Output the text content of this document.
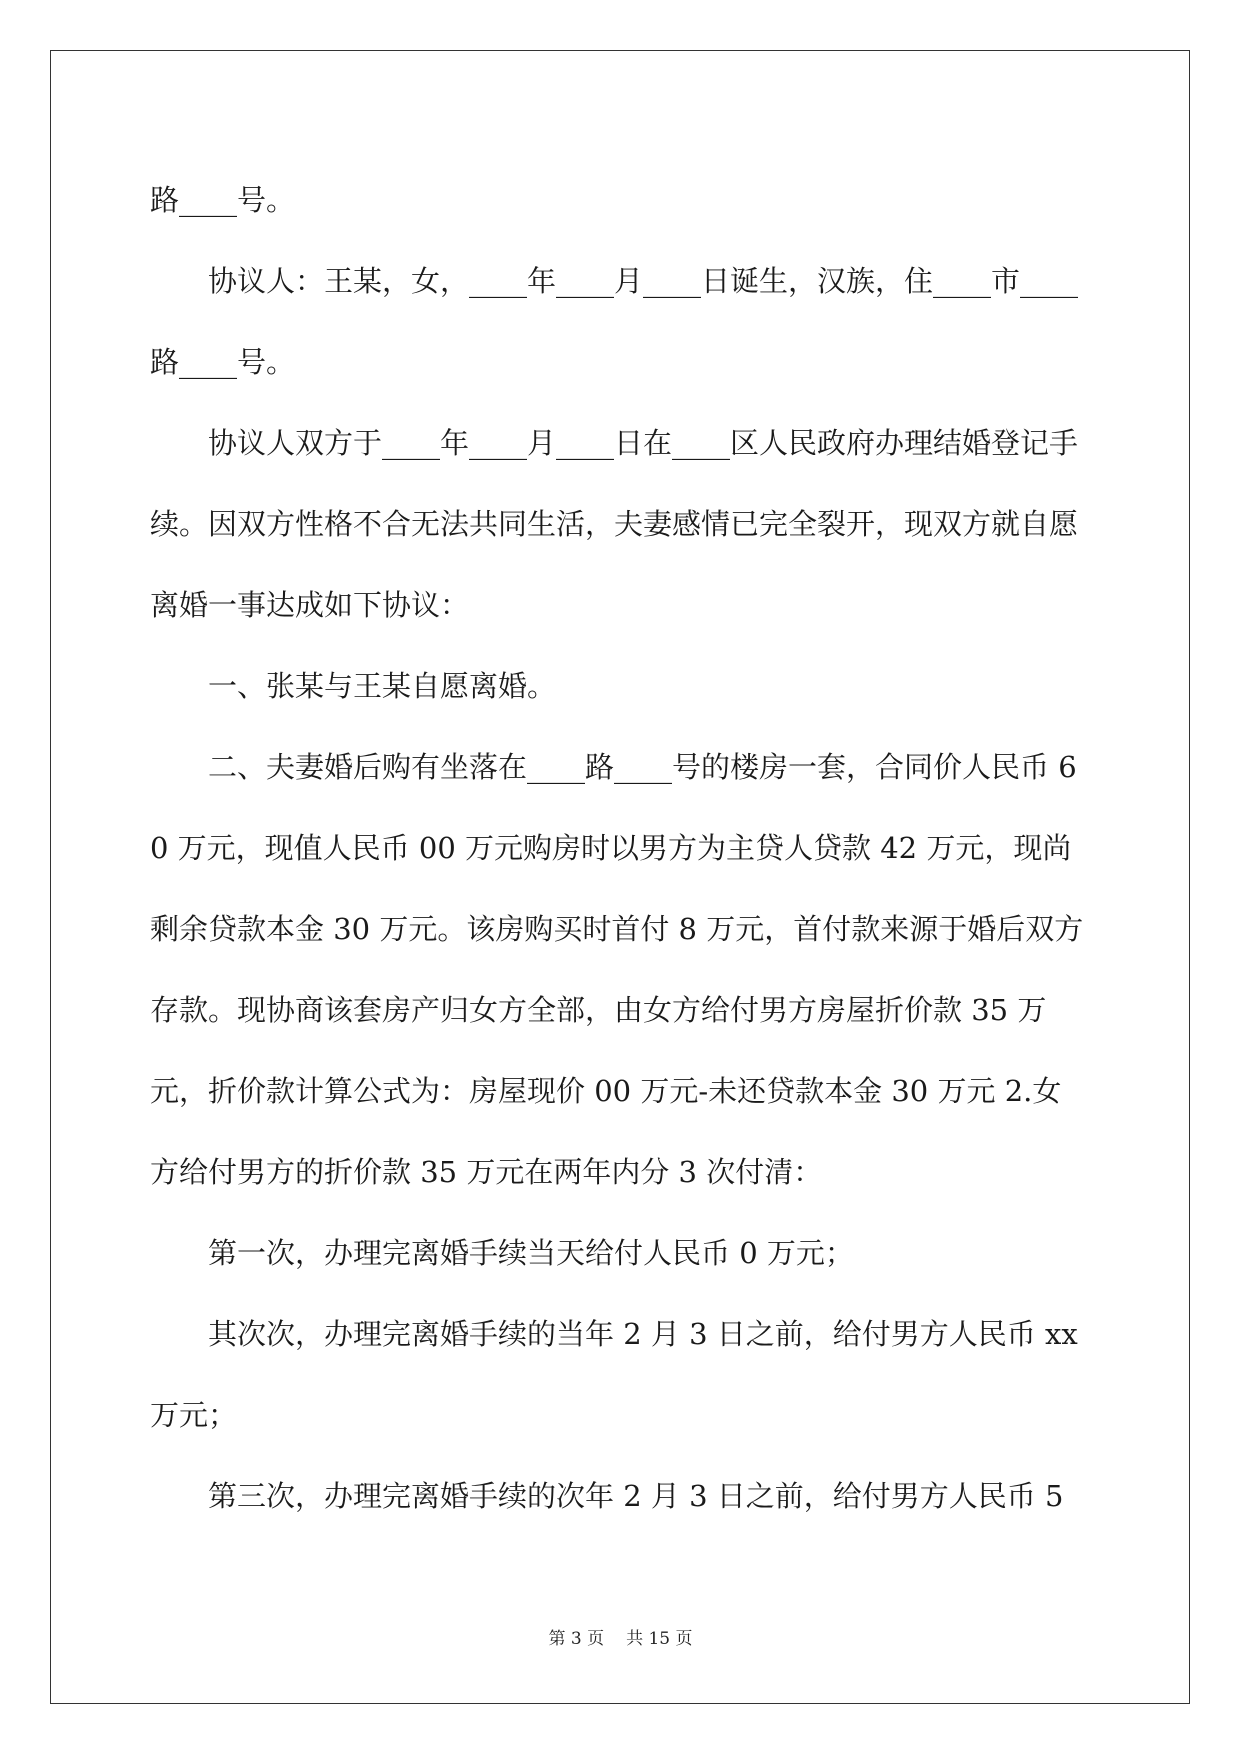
路____号。

协议人：王某，女，____年____月____日诞生，汉族，住____市____路____号。

协议人双方于____年____月____日在____区人民政府办理结婚登记手续。因双方性格不合无法共同生活，夫妻感情已完全裂开，现双方就自愿离婚一事达成如下协议：

一、张某与王某自愿离婚。

二、夫妻婚后购有坐落在____路____号的楼房一套，合同价人民币 60 万元，现值人民币 00 万元购房时以男方为主贷人贷款 42 万元，现尚剩余贷款本金 30 万元。该房购买时首付 8 万元，首付款来源于婚后双方存款。现协商该套房产归女方全部，由女方给付男方房屋折价款 35 万元，折价款计算公式为：房屋现价 00 万元-未还贷款本金 30 万元 2.女方给付男方的折价款 35 万元在两年内分 3 次付清：

第一次，办理完离婚手续当天给付人民币 0 万元；

其次次，办理完离婚手续的当年 2 月 3 日之前，给付男方人民币 xx 万元；

第三次，办理完离婚手续的次年 2 月 3 日之前，给付男方人民币 5

第 3 页 共 15 页
